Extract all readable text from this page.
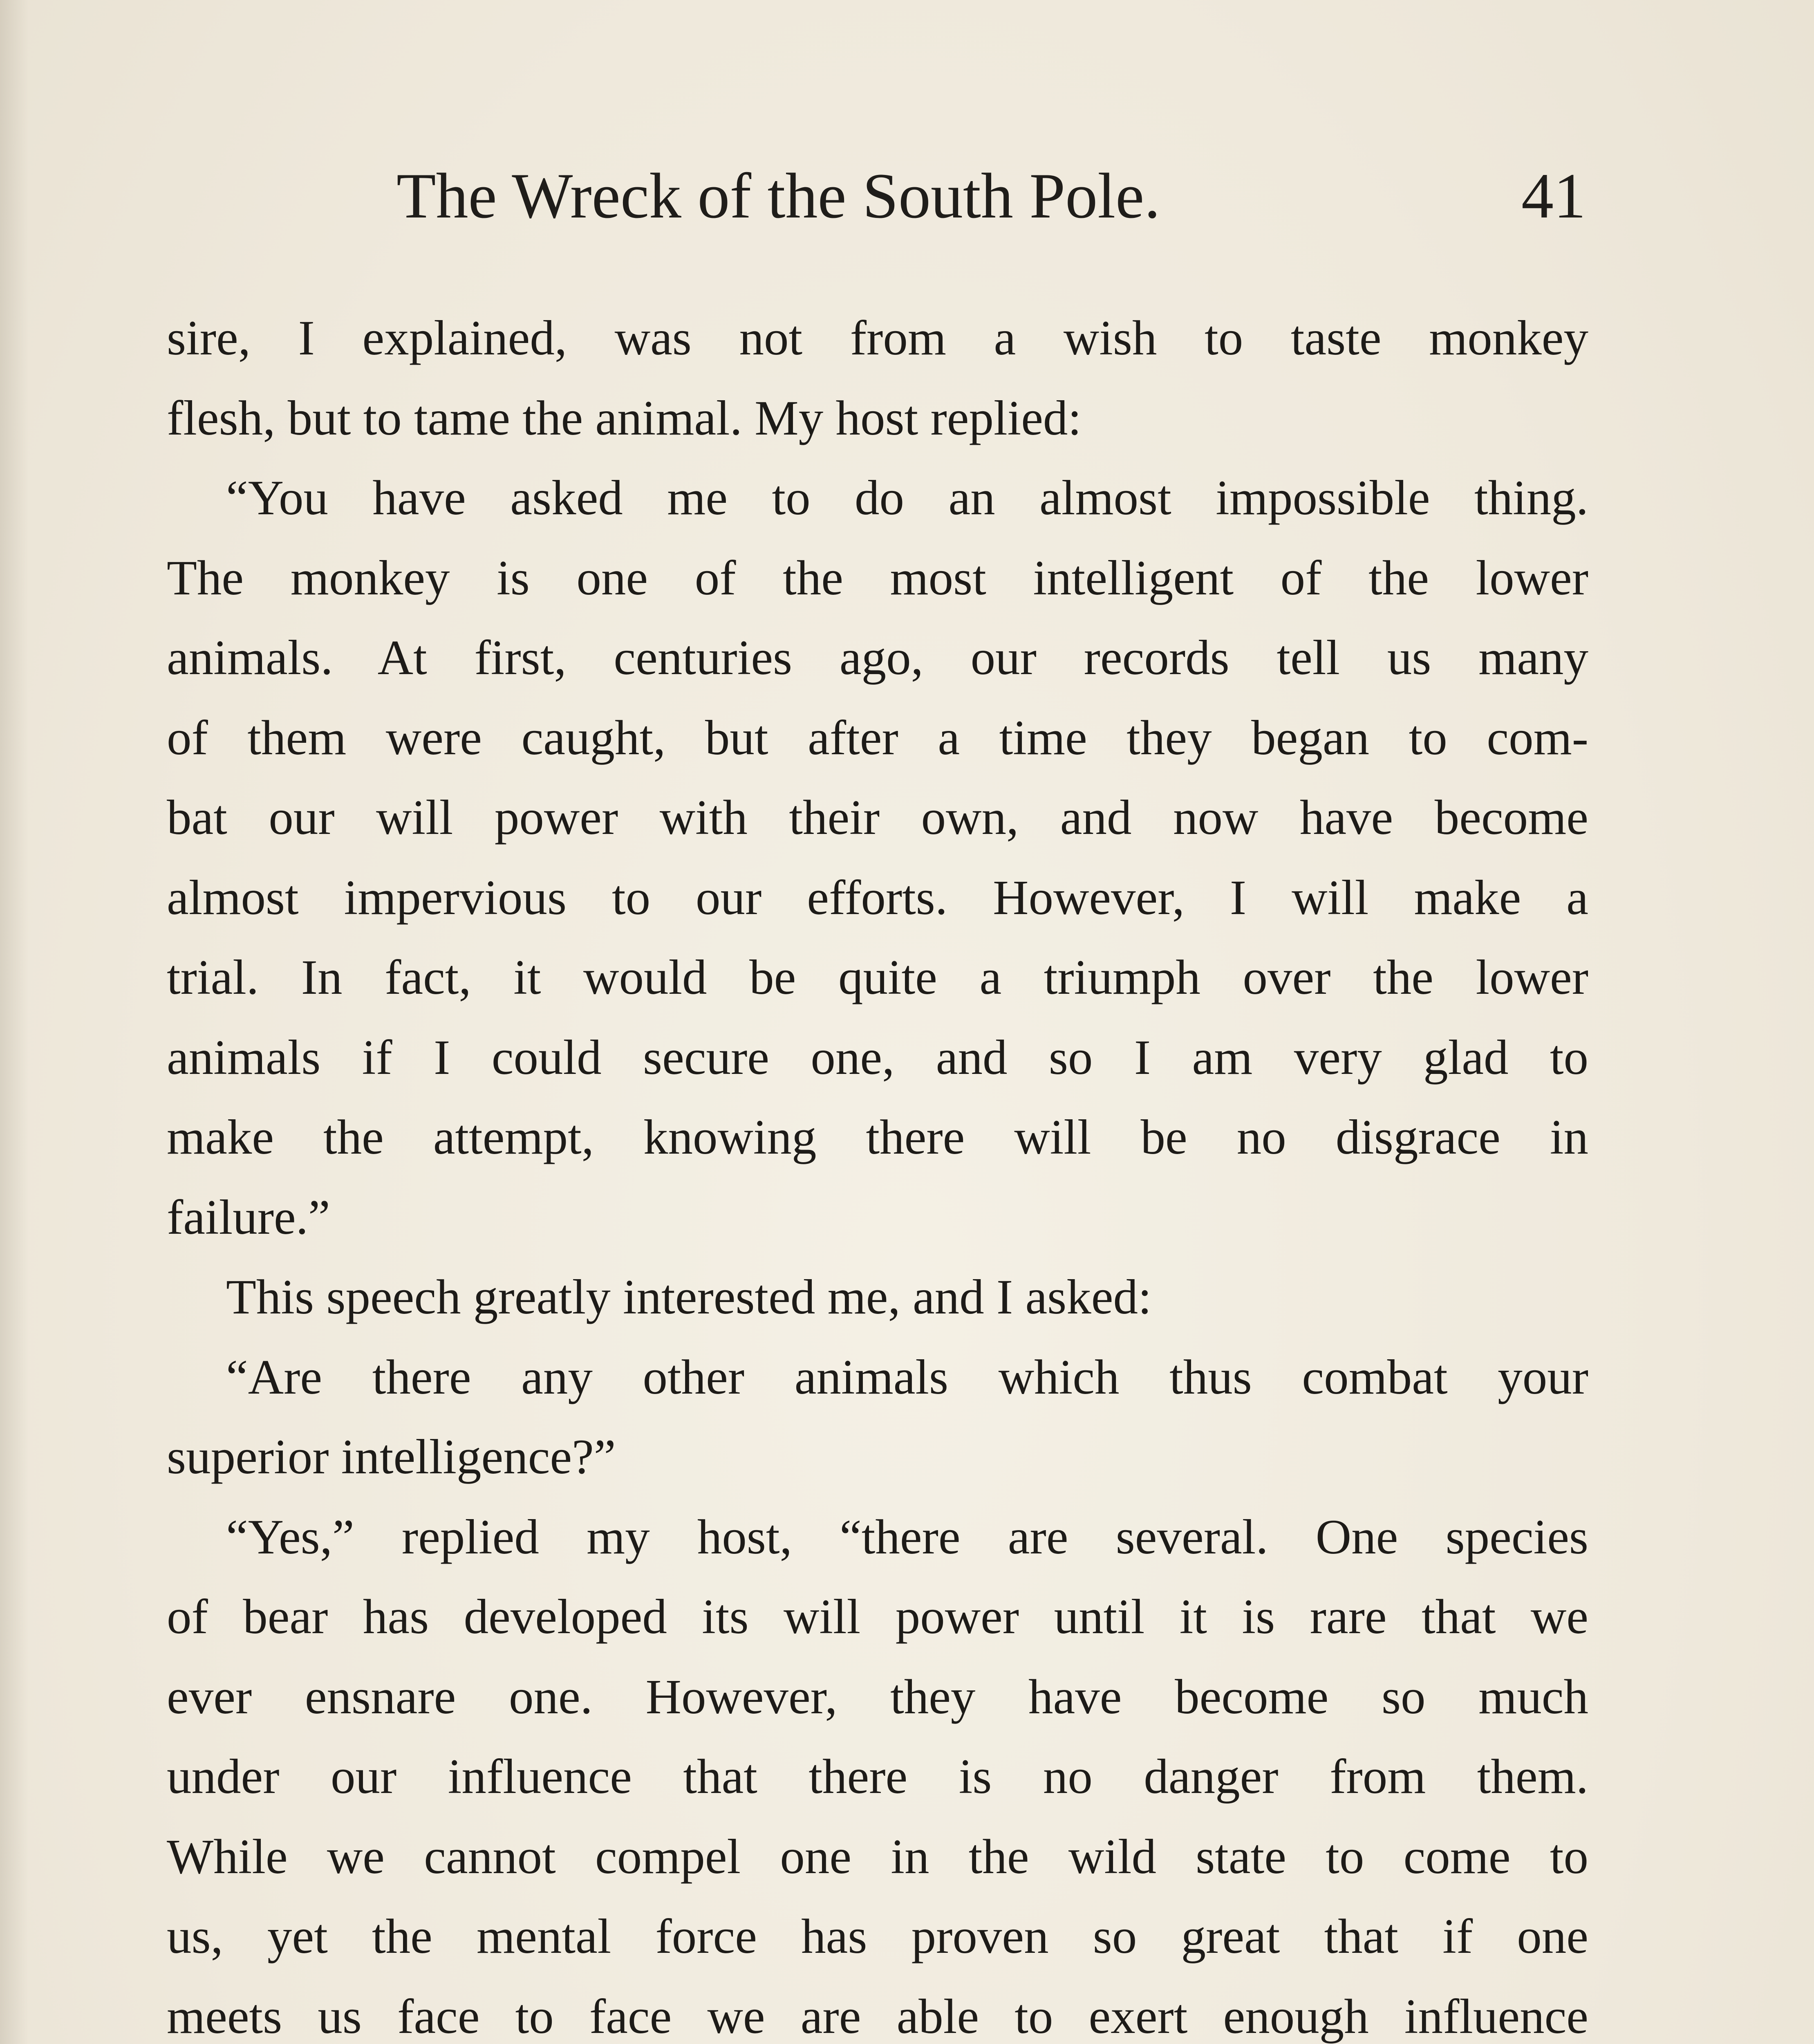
The Wreck of the South Pole.	41
sire, I explained, was not from a wish to taste monkey
flesh, but to tame the animal. My host replied:
“You have asked me to do an almost impossible thing.
The monkey is one of the most intelligent of the lower
animals. At first, centuries ago, our records tell us many
of them were caught, but after a time they began to com-
bat our will power with their own, and now have become
almost impervious to our efforts. However, I will make a
trial. In fact, it would be quite a triumph over the lower
animals if I could secure one, and so I am very glad to
make the attempt, knowing there will be no disgrace in
failure.”
This speech greatly interested me, and I asked:
“Are there any other animals which thus combat your
superior intelligence?”
“Yes,” replied my host, “there are several. One species
of bear has developed its will power until it is rare that we
ever ensnare one. However, they have become so much
under our influence that there is no danger from them.
While we cannot compel one in the wild state to come to
us, yet the mental force has proven so great that if one
meets us face to face we are able to exert enough influence
